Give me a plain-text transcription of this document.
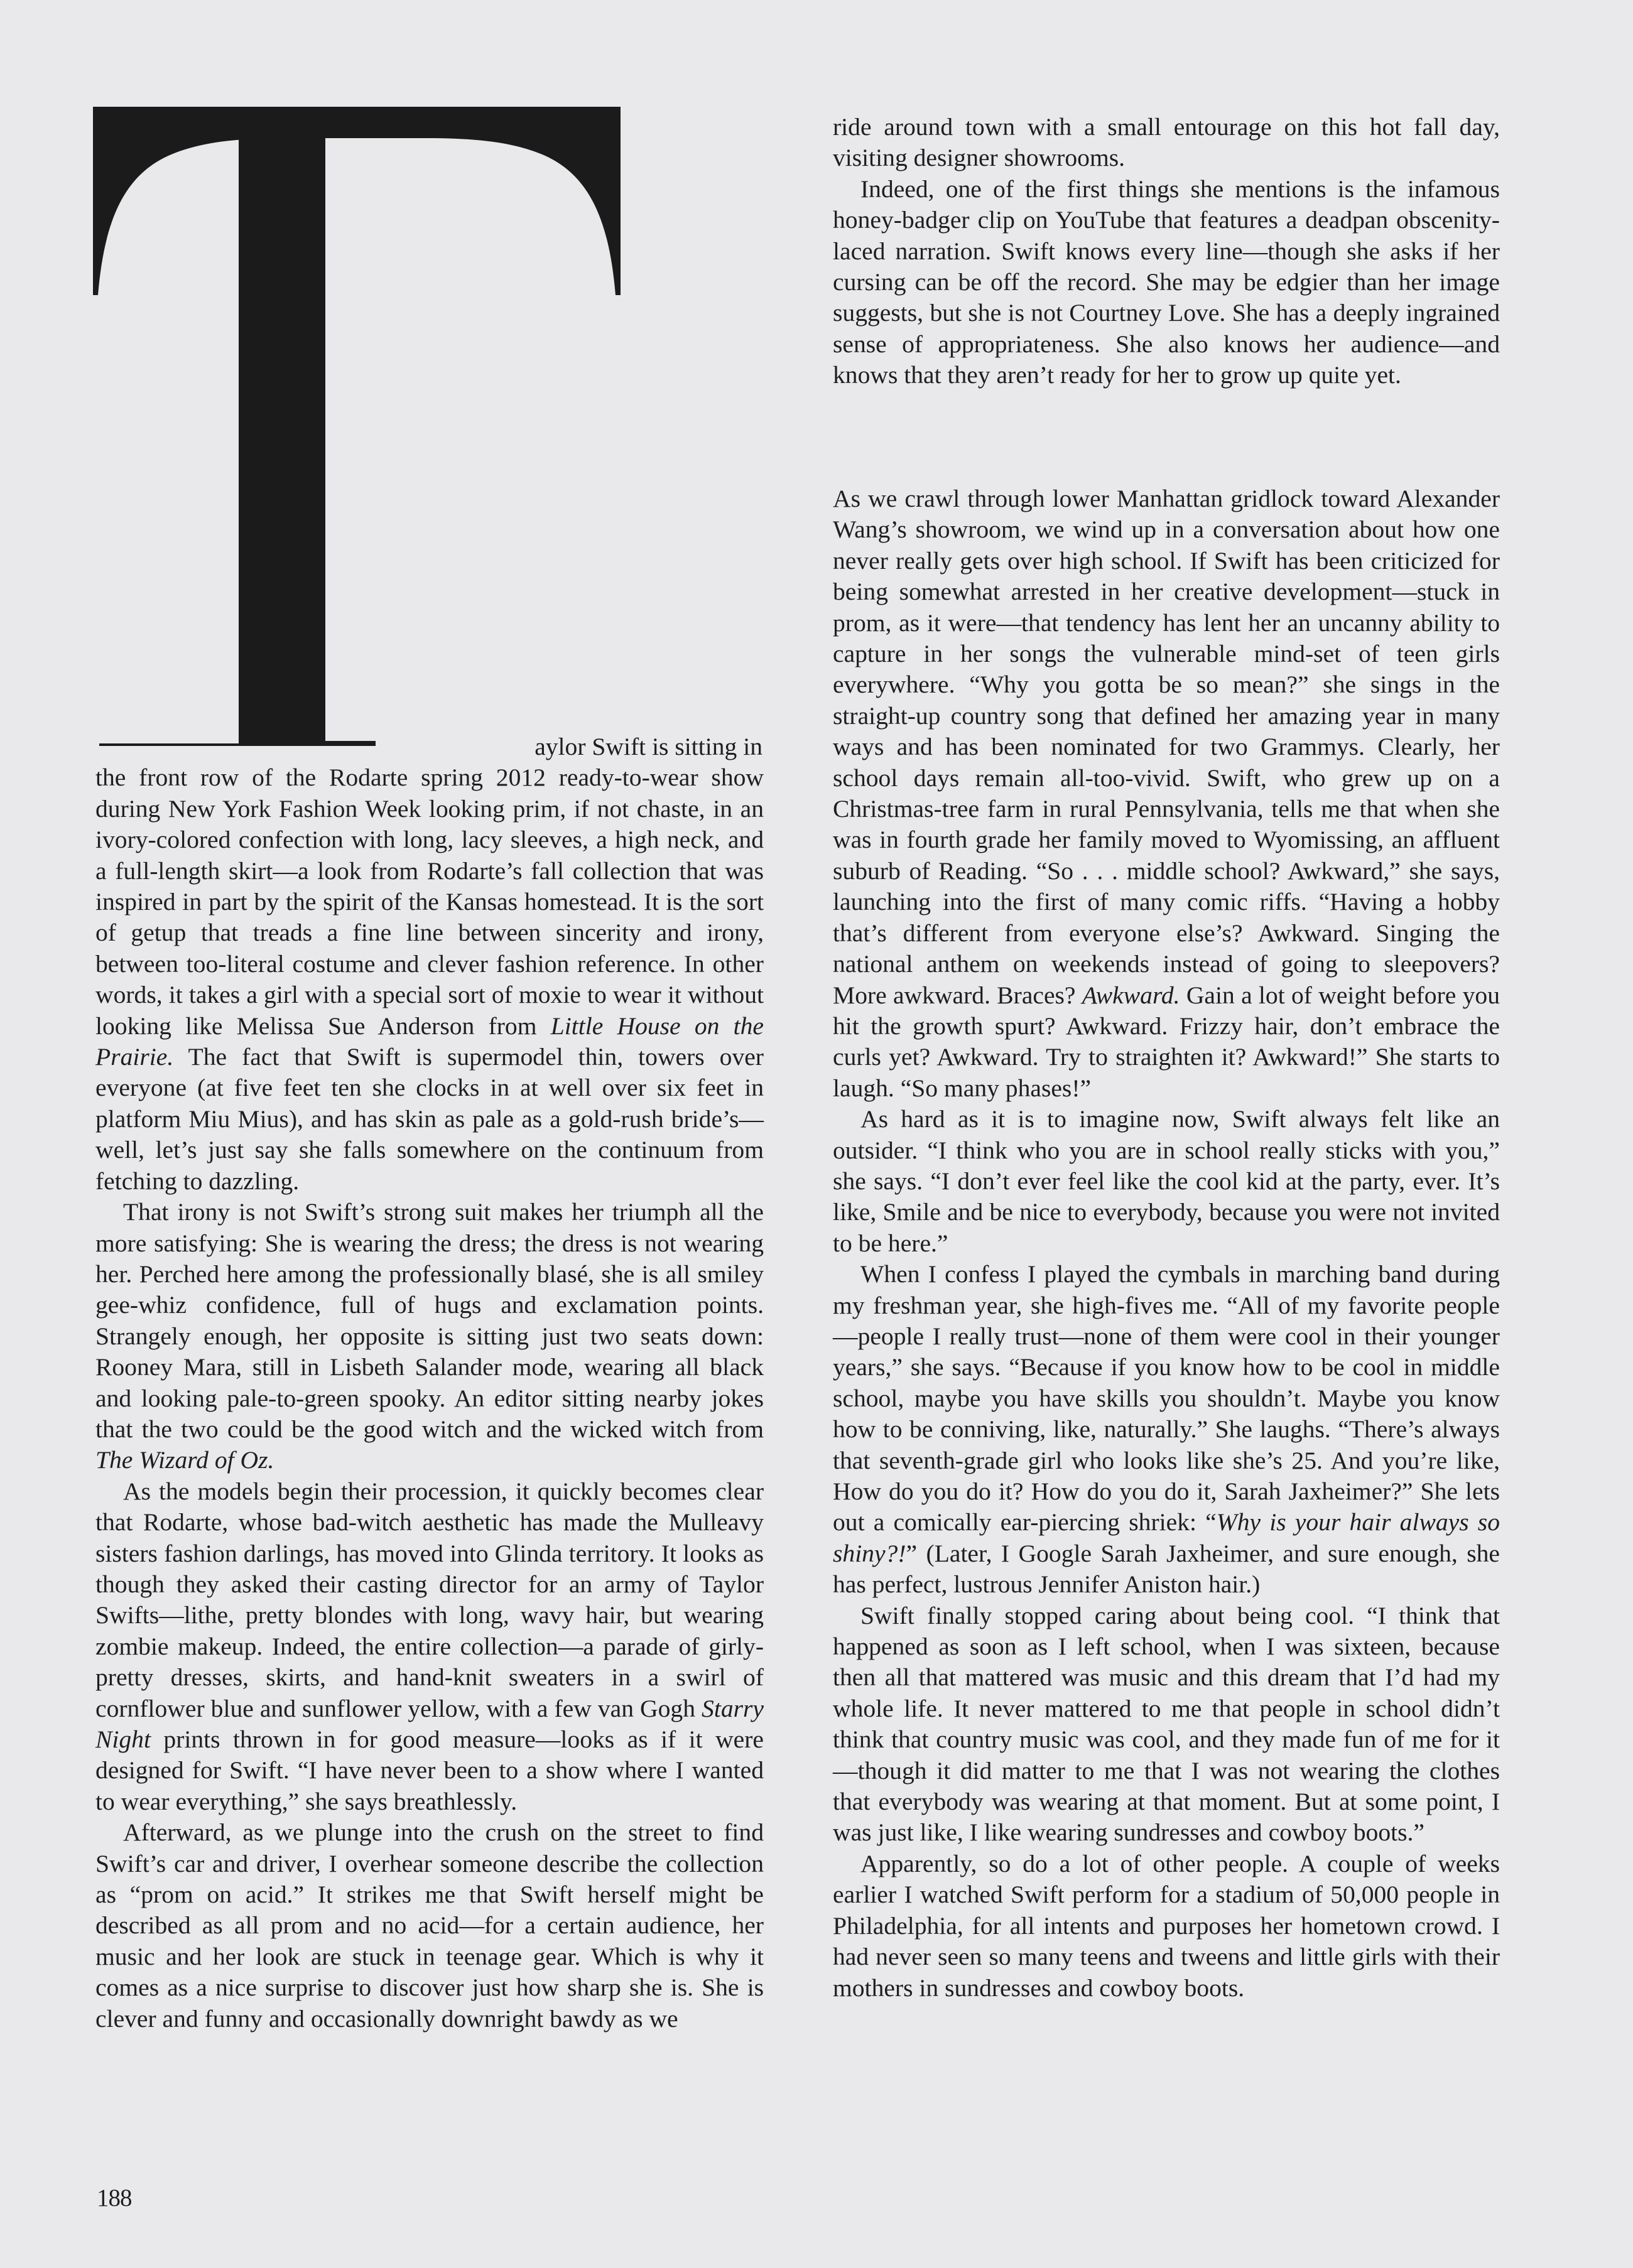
aylor Swift is sitting in

the front row of the Rodarte spring 2012 ready-to-wear show during New York Fashion Week looking prim, if not chaste, in an ivory-colored confection with long, lacy sleeves, a high neck, and a full-length skirt—a look from Rodarte’s fall collection that was inspired in part by the spirit of the Kansas homestead. It is the sort of getup that treads a fine line between sincerity and irony, between too-literal costume and clever fashion reference. In other words, it takes a girl with a special sort of moxie to wear it without looking like Melissa Sue Anderson from Little House on the Prairie. The fact that Swift is supermodel thin, towers over everyone (at five feet ten she clocks in at well over six feet in platform Miu Mius), and has skin as pale as a gold-rush bride’s—well, let’s just say she falls somewhere on the continuum from fetching to dazzling.

That irony is not Swift’s strong suit makes her triumph all the more satisfying: She is wearing the dress; the dress is not wearing her. Perched here among the professionally blasé, she is all smiley gee-whiz confidence, full of hugs and exclamation points. Strangely enough, her opposite is sitting just two seats down: Rooney Mara, still in Lisbeth Salander mode, wearing all black and looking pale-to-green spooky. An editor sitting nearby jokes that the two could be the good witch and the wicked witch from The Wizard of Oz.

As the models begin their procession, it quickly becomes clear that Rodarte, whose bad-witch aesthetic has made the Mulleavy sisters fashion darlings, has moved into Glinda territory. It looks as though they asked their casting director for an army of Taylor Swifts—lithe, pretty blondes with long, wavy hair, but wearing zombie makeup. Indeed, the entire collection—a parade of girly-pretty dresses, skirts, and hand-knit sweaters in a swirl of cornflower blue and sunflower yellow, with a few van Gogh Starry Night prints thrown in for good measure—looks as if it were designed for Swift. “I have never been to a show where I wanted to wear everything,” she says breathlessly.

Afterward, as we plunge into the crush on the street to find Swift’s car and driver, I overhear someone describe the collection as “prom on acid.” It strikes me that Swift herself might be described as all prom and no acid—for a certain audience, her music and her look are stuck in teenage gear. Which is why it comes as a nice surprise to discover just how sharp she is. She is clever and funny and occasionally downright bawdy as we

ride around town with a small entourage on this hot fall day, visiting designer showrooms.

Indeed, one of the first things she mentions is the infamous honey-badger clip on YouTube that features a deadpan obscenity-laced narration. Swift knows every line—though she asks if her cursing can be off the record. She may be edgier than her image suggests, but she is not Courtney Love. She has a deeply ingrained sense of appropriateness. She also knows her audience—and knows that they aren’t ready for her to grow up quite yet.

As we crawl through lower Manhattan gridlock toward Alexander Wang’s showroom, we wind up in a conversation about how one never really gets over high school. If Swift has been criticized for being somewhat arrested in her creative development—stuck in prom, as it were—that tendency has lent her an uncanny ability to capture in her songs the vulnerable mind-set of teen girls everywhere. “Why you gotta be so mean?” she sings in the straight-up country song that defined her amazing year in many ways and has been nominated for two Grammys. Clearly, her school days remain all-too-vivid. Swift, who grew up on a Christmas-tree farm in rural Pennsylvania, tells me that when she was in fourth grade her family moved to Wyomissing, an affluent suburb of Reading. “So . . . middle school? Awkward,” she says, launching into the first of many comic riffs. “Having a hobby that’s different from everyone else’s? Awkward. Singing the national anthem on weekends instead of going to sleepovers? More awkward. Braces? Awkward. Gain a lot of weight before you hit the growth spurt? Awkward. Frizzy hair, don’t embrace the curls yet? Awkward. Try to straighten it? Awkward!” She starts to laugh. “So many phases!”

As hard as it is to imagine now, Swift always felt like an outsider. “I think who you are in school really sticks with you,” she says. “I don’t ever feel like the cool kid at the party, ever. It’s like, Smile and be nice to everybody, because you were not invited to be here.”

When I confess I played the cymbals in marching band during my freshman year, she high-fives me. “All of my favorite people—people I really trust—none of them were cool in their younger years,” she says. “Because if you know how to be cool in middle school, maybe you have skills you shouldn’t. Maybe you know how to be conniving, like, naturally.” She laughs. “There’s always that seventh-grade girl who looks like she’s 25. And you’re like, How do you do it? How do you do it, Sarah Jaxheimer?” She lets out a comically ear-piercing shriek: “Why is your hair always so shiny?!” (Later, I Google Sarah Jaxheimer, and sure enough, she has perfect, lustrous Jennifer Aniston hair.)

Swift finally stopped caring about being cool. “I think that happened as soon as I left school, when I was sixteen, because then all that mattered was music and this dream that I’d had my whole life. It never mattered to me that people in school didn’t think that country music was cool, and they made fun of me for it—though it did matter to me that I was not wearing the clothes that everybody was wearing at that moment. But at some point, I was just like, I like wearing sundresses and cowboy boots.”

Apparently, so do a lot of other people. A couple of weeks earlier I watched Swift perform for a stadium of 50,000 people in Philadelphia, for all intents and purposes her hometown crowd. I had never seen so many teens and tweens and little girls with their mothers in sundresses and cowboy boots.

188
